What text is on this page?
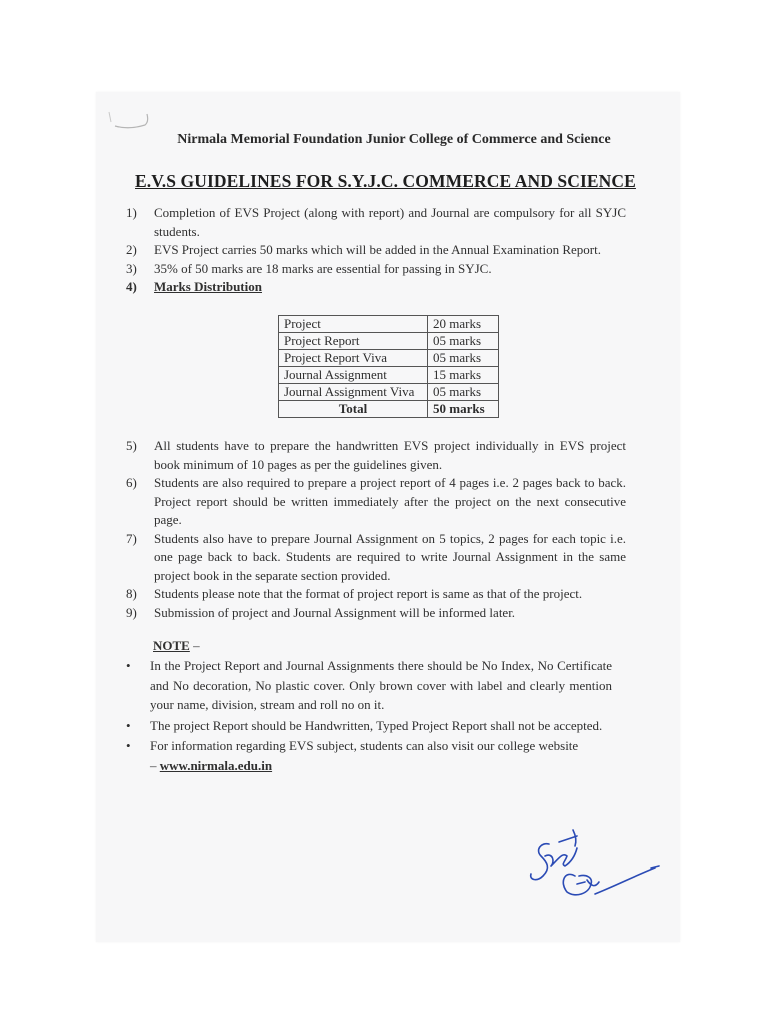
Nirmala Memorial Foundation Junior College of Commerce and Science
E.V.S GUIDELINES FOR S.Y.J.C. COMMERCE AND SCIENCE
1) Completion of EVS Project (along with report) and Journal are compulsory for all SYJC students.
2) EVS Project carries 50 marks which will be added in the Annual Examination Report.
3) 35% of 50 marks are 18 marks are essential for passing in SYJC.
4) Marks Distribution
Project	20 marks
Project Report	05 marks
Project Report Viva	05 marks
Journal Assignment	15 marks
Journal Assignment Viva	05 marks
Total	50 marks
5) All students have to prepare the handwritten EVS project individually in EVS project book minimum of 10 pages as per the guidelines given.
6) Students are also required to prepare a project report of 4 pages i.e. 2 pages back to back. Project report should be written immediately after the project on the next consecutive page.
7) Students also have to prepare Journal Assignment on 5 topics, 2 pages for each topic i.e. one page back to back. Students are required to write Journal Assignment in the same project book in the separate section provided.
8) Students please note that the format of project report is same as that of the project.
9) Submission of project and Journal Assignment will be informed later.
NOTE –
• In the Project Report and Journal Assignments there should be No Index, No Certificate and No decoration, No plastic cover. Only brown cover with label and clearly mention your name, division, stream and roll no on it.
• The project Report should be Handwritten, Typed Project Report shall not be accepted.
• For information regarding EVS subject, students can also visit our college website
– www.nirmala.edu.in
